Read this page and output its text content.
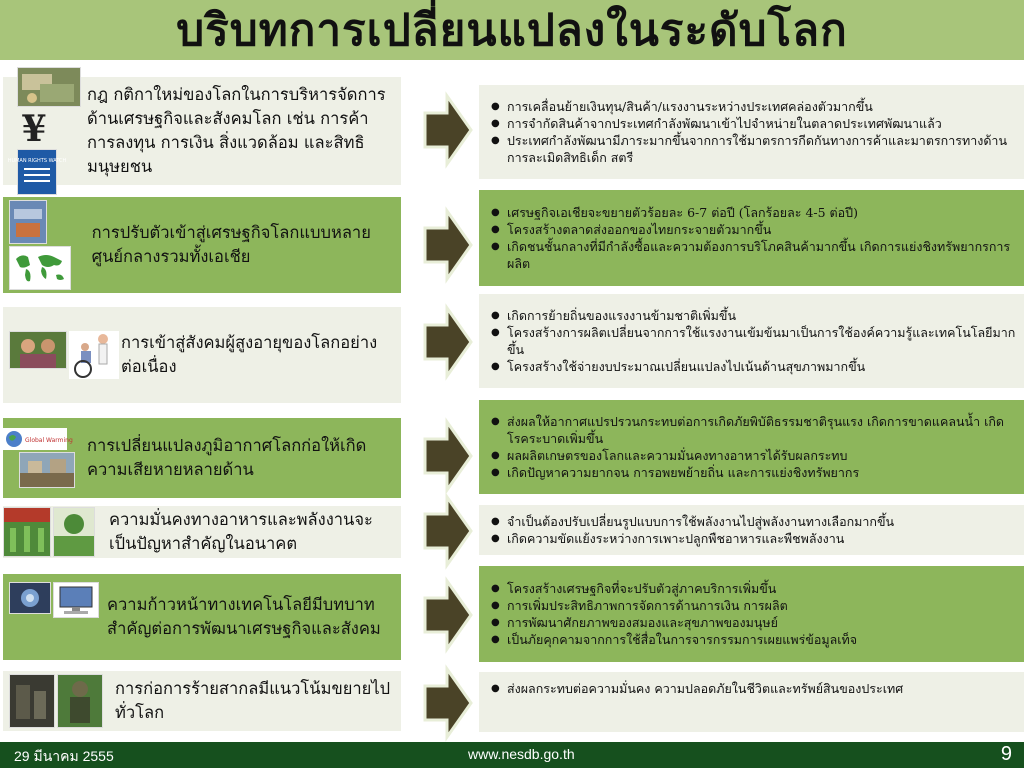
บริบทการเปลี่ยนแปลงในระดับโลก
¥
HUMAN RIGHTS WATCH
กฎ กติกาใหม่ของโลกในการบริหารจัดการด้านเศรษฐกิจและสังคมโลก เช่น การค้า การลงทุน การเงิน สิ่งแวดล้อม และสิทธิมนุษยชน
● การเคลื่อนย้ายเงินทุน/สินค้า/แรงงานระหว่างประเทศคล่องตัวมากขึ้น
● การจำกัดสินค้าจากประเทศกำลังพัฒนาเข้าไปจำหน่ายในตลาดประเทศพัฒนาแล้ว
● ประเทศกำลังพัฒนามีภาระมากขึ้นจากการใช้มาตรการกีดกันทางการค้าและมาตรการทางด้านการละเมิดสิทธิเด็ก สตรี
การปรับตัวเข้าสู่เศรษฐกิจโลกแบบหลายศูนย์กลางรวมทั้งเอเชีย
● เศรษฐกิจเอเชียจะขยายตัวร้อยละ 6-7 ต่อปี (โลกร้อยละ 4-5 ต่อปี)
● โครงสร้างตลาดส่งออกของไทยกระจายตัวมากขึ้น
● เกิดชนชั้นกลางที่มีกำลังซื้อและความต้องการบริโภคสินค้ามากขึ้น เกิดการแย่งชิงทรัพยากรการผลิต
การเข้าสู่สังคมผู้สูงอายุของโลกอย่างต่อเนื่อง
● เกิดการย้ายถิ่นของแรงงานข้ามชาติเพิ่มขึ้น
● โครงสร้างการผลิตเปลี่ยนจากการใช้แรงงานเข้มข้นมาเป็นการใช้องค์ความรู้และเทคโนโลยีมากขึ้น
● โครงสร้างใช้จ่ายงบประมาณเปลี่ยนแปลงไปเน้นด้านสุขภาพมากขึ้น
Global Warming การเปลี่ยนแปลงภูมิอากาศโลกก่อให้เกิดความเสียหายหลายด้าน
● ส่งผลให้อากาศแปรปรวนกระทบต่อการเกิดภัยพิบัติธรรมชาติรุนแรง เกิดการขาดแคลนน้ำ เกิดโรคระบาดเพิ่มขึ้น
● ผลผลิตเกษตรของโลกและความมั่นคงทางอาหารได้รับผลกระทบ
● เกิดปัญหาความยากจน การอพยพย้ายถิ่น และการแย่งชิงทรัพยากร
ความมั่นคงทางอาหารและพลังงานจะเป็นปัญหาสำคัญในอนาคต
● จำเป็นต้องปรับเปลี่ยนรูปแบบการใช้พลังงานไปสู่พลังงานทางเลือกมากขึ้น
● เกิดความขัดแย้งระหว่างการเพาะปลูกพืชอาหารและพืชพลังงาน
ความก้าวหน้าทางเทคโนโลยีมีบทบาทสำคัญต่อการพัฒนาเศรษฐกิจและสังคม
● โครงสร้างเศรษฐกิจที่จะปรับตัวสู่ภาคบริการเพิ่มขึ้น
● การเพิ่มประสิทธิภาพการจัดการด้านการเงิน การผลิต
● การพัฒนาศักยภาพของสมองและสุขภาพของมนุษย์
● เป็นภัยคุกคามจากการใช้สื่อในการจารกรรมการเผยแพร่ข้อมูลเท็จ
การก่อการร้ายสากลมีแนวโน้มขยายไปทั่วโลก
● ส่งผลกระทบต่อความมั่นคง ความปลอดภัยในชีวิตและทรัพย์สินของประเทศ
29 มีนาคม 2555	www.nesdb.go.th	9
